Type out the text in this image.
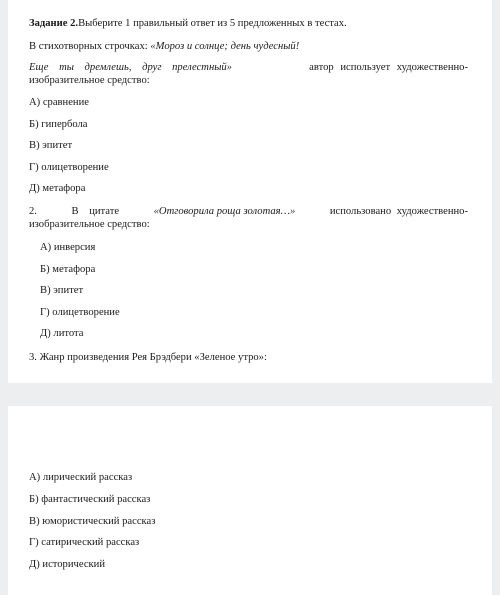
Задание 2.Выберите 1 правильный ответ из 5 предложенных в тестах.
В стихотворных строчках: «Мороз и солнце; день чудесный!
Еще ты дремлешь, друг прелестный»	автор использует художественно-
изобразительное средство:
А) сравнение
Б) гипербола
В) эпитет
Г) олицетворение
Д) метафора
2.	В цитате	«Отговорила роща золотая…»	использовано художественно-
изобразительное средство:
А) инверсия
Б) метафора
В) эпитет
Г) олицетворение
Д) литота
3. Жанр произведения Рея Брэдбери «Зеленое утро»:
А) лирический рассказ
Б) фантастический рассказ
В) юмористический рассказ
Г) сатирический рассказ
Д) исторический
